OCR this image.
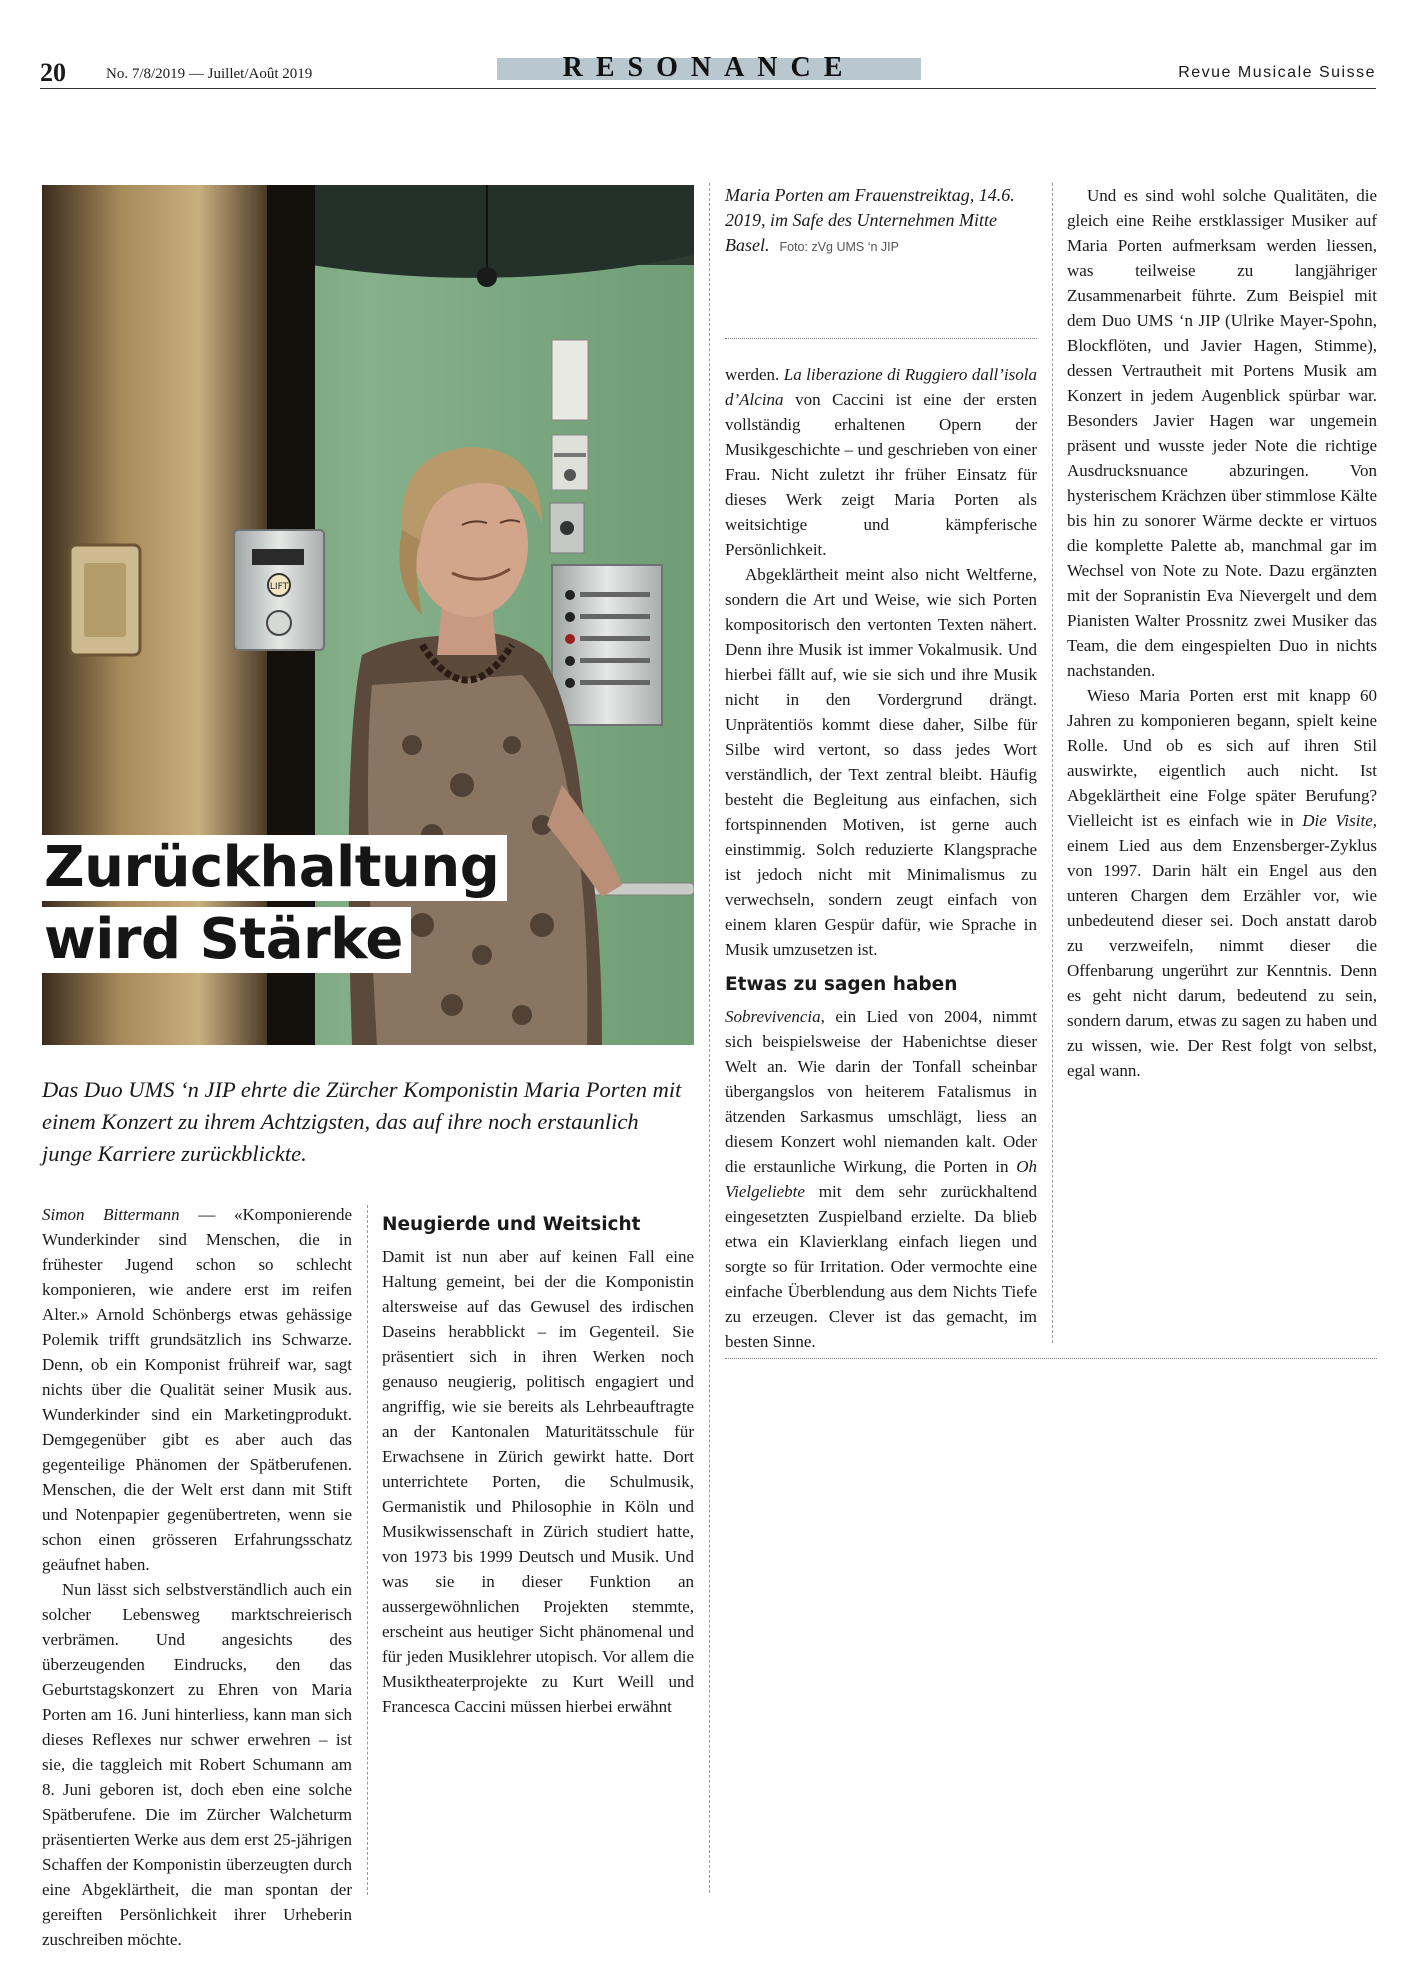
20	No. 7/8/2019 — Juillet/Août 2019	RESONANCE	Revue Musicale Suisse
LIFT
Zurückhaltung
wird Stärke

Das Duo UMS ‘n JIP ehrte die Zürcher Komponistin Maria Porten mit einem Konzert zu ihrem Achtzigsten, das auf ihre noch erstaunlich junge Karriere zurückblickte.

Maria Porten am Frauenstreiktag, 14.6. 2019, im Safe des Unternehmen Mitte Basel. Foto: zVg UMS ‘n JIP

Simon Bittermann — «Komponierende Wunderkinder sind Menschen, die in frühester Jugend schon so schlecht komponieren, wie andere erst im reifen Alter.» Arnold Schönbergs etwas gehässige Polemik trifft grundsätzlich ins Schwarze. Denn, ob ein Komponist frühreif war, sagt nichts über die Qualität seiner Musik aus. Wunderkinder sind ein Marketingprodukt. Demgegenüber gibt es aber auch das gegenteilige Phänomen der Spätberufenen. Menschen, die der Welt erst dann mit Stift und Notenpapier gegenübertreten, wenn sie schon einen grösseren Erfahrungsschatz geäufnet haben.

Nun lässt sich selbstverständlich auch ein solcher Lebensweg marktschreierisch verbrämen. Und angesichts des überzeugenden Eindrucks, den das Geburtstagskonzert zu Ehren von Maria Porten am 16. Juni hinterliess, kann man sich dieses Reflexes nur schwer erwehren – ist sie, die taggleich mit Robert Schumann am 8. Juni geboren ist, doch eben eine solche Spätberufene. Die im Zürcher Walcheturm präsentierten Werke aus dem erst 25-jährigen Schaffen der Komponistin überzeugten durch eine Abgeklärtheit, die man spontan der gereiften Persönlichkeit ihrer Urheberin zuschreiben möchte.

Neugierde und Weitsicht

Damit ist nun aber auf keinen Fall eine Haltung gemeint, bei der die Komponistin altersweise auf das Gewusel des irdischen Daseins herabblickt – im Gegenteil. Sie präsentiert sich in ihren Werken noch genauso neugierig, politisch engagiert und angriffig, wie sie bereits als Lehrbeauftragte an der Kantonalen Maturitätsschule für Erwachsene in Zürich gewirkt hatte. Dort unterrichtete Porten, die Schulmusik, Germanistik und Philosophie in Köln und Musikwissenschaft in Zürich studiert hatte, von 1973 bis 1999 Deutsch und Musik. Und was sie in dieser Funktion an aussergewöhnlichen Projekten stemmte, erscheint aus heutiger Sicht phänomenal und für jeden Musiklehrer utopisch. Vor allem die Musiktheaterprojekte zu Kurt Weill und Francesca Caccini müssen hierbei erwähnt

werden. La liberazione di Ruggiero dall’isola d’Alcina von Caccini ist eine der ersten vollständig erhaltenen Opern der Musikgeschichte – und geschrieben von einer Frau. Nicht zuletzt ihr früher Einsatz für dieses Werk zeigt Maria Porten als weitsichtige und kämpferische Persönlichkeit.

Abgeklärtheit meint also nicht Weltferne, sondern die Art und Weise, wie sich Porten kompositorisch den vertonten Texten nähert. Denn ihre Musik ist immer Vokalmusik. Und hierbei fällt auf, wie sie sich und ihre Musik nicht in den Vordergrund drängt. Unprätentiös kommt diese daher, Silbe für Silbe wird vertont, so dass jedes Wort verständlich, der Text zentral bleibt. Häufig besteht die Begleitung aus einfachen, sich fortspinnenden Motiven, ist gerne auch einstimmig. Solch reduzierte Klangsprache ist jedoch nicht mit Minimalismus zu verwechseln, sondern zeugt einfach von einem klaren Gespür dafür, wie Sprache in Musik umzusetzen ist.

Etwas zu sagen haben

Sobrevivencia, ein Lied von 2004, nimmt sich beispielsweise der Habenichtse dieser Welt an. Wie darin der Tonfall scheinbar übergangslos von heiterem Fatalismus in ätzenden Sarkasmus umschlägt, liess an diesem Konzert wohl niemanden kalt. Oder die erstaunliche Wirkung, die Porten in Oh Vielgeliebte mit dem sehr zurückhaltend eingesetzten Zuspielband erzielte. Da blieb etwa ein Klavierklang einfach liegen und sorgte so für Irritation. Oder vermochte eine einfache Überblendung aus dem Nichts Tiefe zu erzeugen. Clever ist das gemacht, im besten Sinne.

Und es sind wohl solche Qualitäten, die gleich eine Reihe erstklassiger Musiker auf Maria Porten aufmerksam werden liessen, was teilweise zu langjähriger Zusammenarbeit führte. Zum Beispiel mit dem Duo UMS ‘n JIP (Ulrike Mayer-Spohn, Blockflöten, und Javier Hagen, Stimme), dessen Vertrautheit mit Portens Musik am Konzert in jedem Augenblick spürbar war. Besonders Javier Hagen war ungemein präsent und wusste jeder Note die richtige Ausdrucksnuance abzuringen. Von hysterischem Krächzen über stimmlose Kälte bis hin zu sonorer Wärme deckte er virtuos die komplette Palette ab, manchmal gar im Wechsel von Note zu Note. Dazu ergänzten mit der Sopranistin Eva Nievergelt und dem Pianisten Walter Prossnitz zwei Musiker das Team, die dem eingespielten Duo in nichts nachstanden.

Wieso Maria Porten erst mit knapp 60 Jahren zu komponieren begann, spielt keine Rolle. Und ob es sich auf ihren Stil auswirkte, eigentlich auch nicht. Ist Abgeklärtheit eine Folge später Berufung? Vielleicht ist es einfach wie in Die Visite, einem Lied aus dem Enzensberger-Zyklus von 1997. Darin hält ein Engel aus den unteren Chargen dem Erzähler vor, wie unbedeutend dieser sei. Doch anstatt darob zu verzweifeln, nimmt dieser die Offenbarung ungerührt zur Kenntnis. Denn es geht nicht darum, bedeutend zu sein, sondern darum, etwas zu sagen zu haben und zu wissen, wie. Der Rest folgt von selbst, egal wann.
